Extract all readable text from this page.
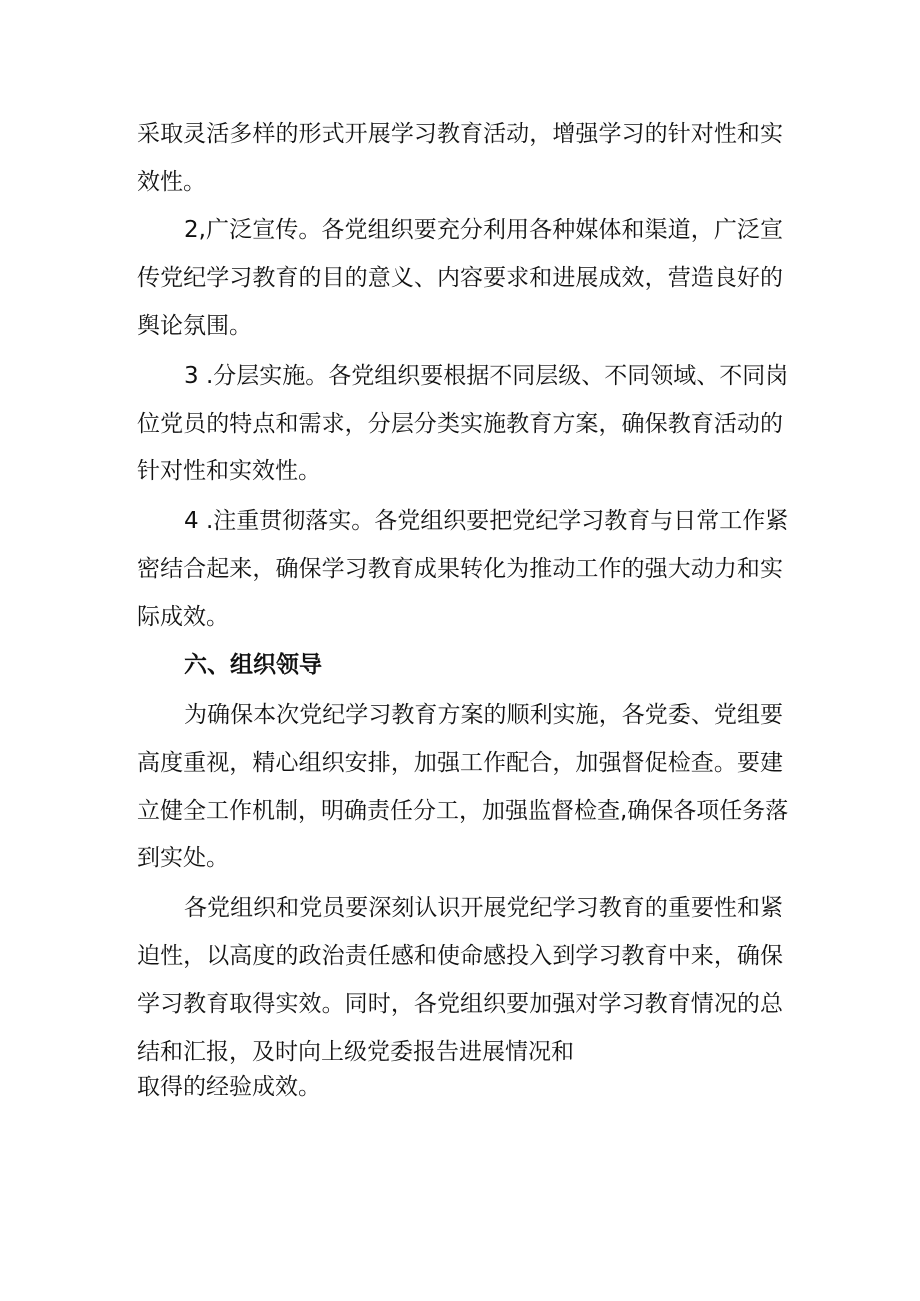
采取灵活多样的形式开展学习教育活动，增强学习的针对性和实
效性。
2,广泛宣传。各党组织要充分利用各种媒体和渠道，广泛宣
传党纪学习教育的目的意义、内容要求和进展成效，营造良好的
舆论氛围。
3 .分层实施。各党组织要根据不同层级、不同领域、不同岗
位党员的特点和需求，分层分类实施教育方案，确保教育活动的
针对性和实效性。
4 .注重贯彻落实。各党组织要把党纪学习教育与日常工作紧
密结合起来，确保学习教育成果转化为推动工作的强大动力和实
际成效。
六、组织领导
为确保本次党纪学习教育方案的顺利实施，各党委、党组要
高度重视，精心组织安排，加强工作配合，加强督促检查。要建
立健全工作机制，明确责任分工，加强监督检查,确保各项任务落
到实处。
各党组织和党员要深刻认识开展党纪学习教育的重要性和紧
迫性，以高度的政治责任感和使命感投入到学习教育中来，确保
学习教育取得实效。同时，各党组织要加强对学习教育情况的总
结和汇报，及时向上级党委报告进展情况和
取得的经验成效。
